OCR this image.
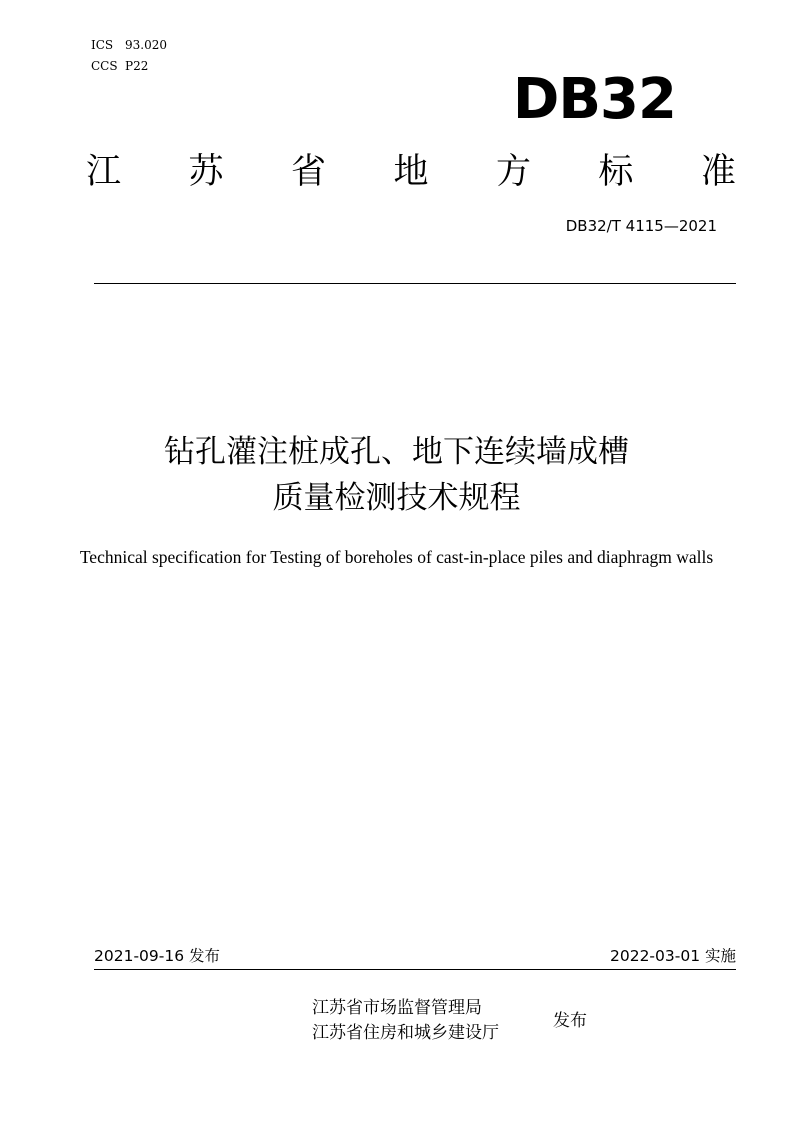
ICS 93.020
CCS P22
DB32
江 苏 省 地 方 标 准
DB32/T 4115—2021
钻孔灌注桩成孔、地下连续墙成槽
质量检测技术规程
Technical specification for Testing of boreholes of cast-in-place piles and diaphragm walls
2021-09-16 发布	2022-03-01 实施
江苏省市场监督管理局
江苏省住房和城乡建设厅
发布
